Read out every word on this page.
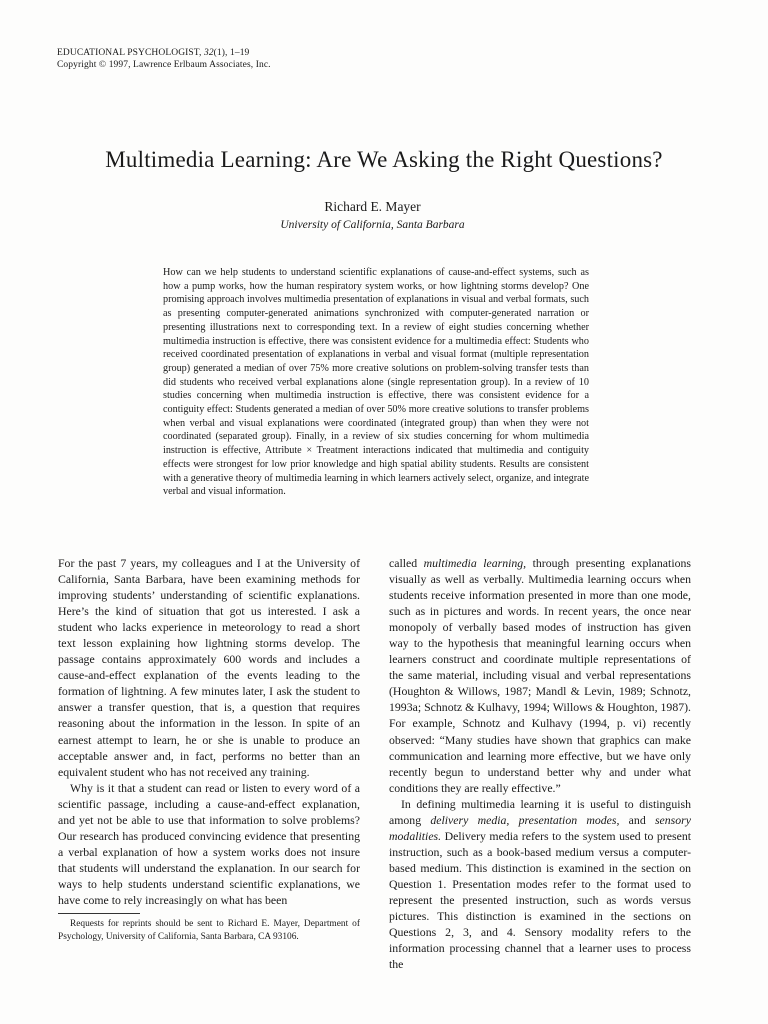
EDUCATIONAL PSYCHOLOGIST, 32(1), 1–19
Copyright © 1997, Lawrence Erlbaum Associates, Inc.
Multimedia Learning: Are We Asking the Right Questions?
Richard E. Mayer
University of California, Santa Barbara
How can we help students to understand scientific explanations of cause-and-effect systems, such as how a pump works, how the human respiratory system works, or how lightning storms develop? One promising approach involves multimedia presentation of explanations in visual and verbal formats, such as presenting computer-generated animations synchronized with computer-generated narration or presenting illustrations next to corresponding text. In a review of eight studies concerning whether multimedia instruction is effective, there was consistent evidence for a multimedia effect: Students who received coordinated presentation of explanations in verbal and visual format (multiple representation group) generated a median of over 75% more creative solutions on problem-solving transfer tests than did students who received verbal explanations alone (single representation group). In a review of 10 studies concerning when multimedia instruction is effective, there was consistent evidence for a contiguity effect: Students generated a median of over 50% more creative solutions to transfer problems when verbal and visual explanations were coordinated (integrated group) than when they were not coordinated (separated group). Finally, in a review of six studies concerning for whom multimedia instruction is effective, Attribute × Treatment interactions indicated that multimedia and contiguity effects were strongest for low prior knowledge and high spatial ability students. Results are consistent with a generative theory of multimedia learning in which learners actively select, organize, and integrate verbal and visual information.

For the past 7 years, my colleagues and I at the University of California, Santa Barbara, have been examining methods for improving students’ understanding of scientific explanations. Here’s the kind of situation that got us interested. I ask a student who lacks experience in meteorology to read a short text lesson explaining how lightning storms develop. The passage contains approximately 600 words and includes a cause-and-effect explanation of the events leading to the formation of lightning. A few minutes later, I ask the student to answer a transfer question, that is, a question that requires reasoning about the information in the lesson. In spite of an earnest attempt to learn, he or she is unable to produce an acceptable answer and, in fact, performs no better than an equivalent student who has not received any training.

Why is it that a student can read or listen to every word of a scientific passage, including a cause-and-effect explanation, and yet not be able to use that information to solve problems? Our research has produced convincing evidence that presenting a verbal explanation of how a system works does not insure that students will understand the explanation. In our search for ways to help students understand scientific explanations, we have come to rely increasingly on what has been

called multimedia learning, through presenting explanations visually as well as verbally. Multimedia learning occurs when students receive information presented in more than one mode, such as in pictures and words. In recent years, the once near monopoly of verbally based modes of instruction has given way to the hypothesis that meaningful learning occurs when learners construct and coordinate multiple representations of the same material, including visual and verbal representations (Houghton & Willows, 1987; Mandl & Levin, 1989; Schnotz, 1993a; Schnotz & Kulhavy, 1994; Willows & Houghton, 1987). For example, Schnotz and Kulhavy (1994, p. vi) recently observed: “Many studies have shown that graphics can make communication and learning more effective, but we have only recently begun to understand better why and under what conditions they are really effective.”

In defining multimedia learning it is useful to distinguish among delivery media, presentation modes, and sensory modalities. Delivery media refers to the system used to present instruction, such as a book-based medium versus a computer-based medium. This distinction is examined in the section on Question 1. Presentation modes refer to the format used to represent the presented instruction, such as words versus pictures. This distinction is examined in the sections on Questions 2, 3, and 4. Sensory modality refers to the information processing channel that a learner uses to process the

Requests for reprints should be sent to Richard E. Mayer, Department of Psychology, University of California, Santa Barbara, CA 93106.
